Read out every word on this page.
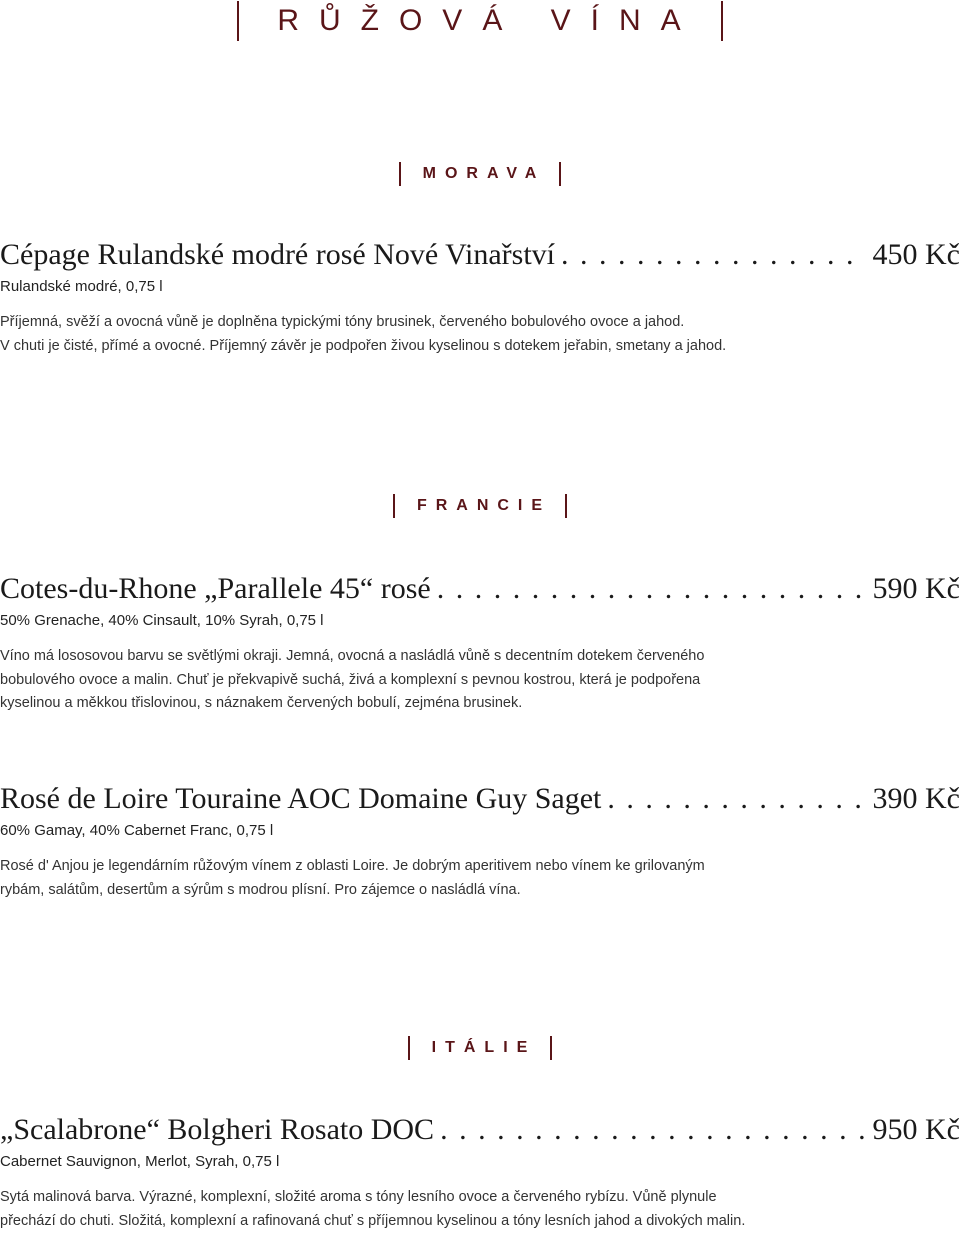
RŮŽOVÁ VÍNA
MORAVA
Cépage Rulandské modré rosé Nové Vinařství . . .	450 Kč
Rulandské modré, 0,75 l
Příjemná, svěží a ovocná vůně je doplněna typickými tóny brusinek, červeného bobulového ovoce a jahod.
V chuti je čisté, přímé a ovocné. Příjemný závěr je podpořen živou kyselinou s dotekem jeřabin, smetany a jahod.
FRANCIE
Cotes-du-Rhone „Parallele 45“ rosé . . .	590 Kč
50% Grenache, 40% Cinsault, 10% Syrah, 0,75 l
Víno má lososovou barvu se světlými okraji. Jemná, ovocná a nasládlá vůně s decentním dotekem červeného
bobulového ovoce a malin. Chuť je překvapivě suchá, živá a komplexní s pevnou kostrou, která je podpořena
kyselinou a měkkou třislovinou, s náznakem červených bobulí, zejména brusinek.
Rosé de Loire Touraine AOC Domaine Guy Saget . . .	390 Kč
60% Gamay, 40% Cabernet Franc, 0,75 l
Rosé d' Anjou je legendárním růžovým vínem z oblasti Loire. Je dobrým aperitivem nebo vínem ke grilovaným
rybám, salátům, desertům a sýrům s modrou plísní. Pro zájemce o nasládlá vína.
ITÁLIE
„Scalabrone“ Bolgheri Rosato DOC . . .	950 Kč
Cabernet Sauvignon, Merlot, Syrah, 0,75 l
Sytá malinová barva. Výrazné, komplexní, složité aroma s tóny lesního ovoce a červeného rybízu. Vůně plynule
přechází do chuti. Složitá, komplexní a rafinovaná chuť s příjemnou kyselinou a tóny lesních jahod a divokých malin.
